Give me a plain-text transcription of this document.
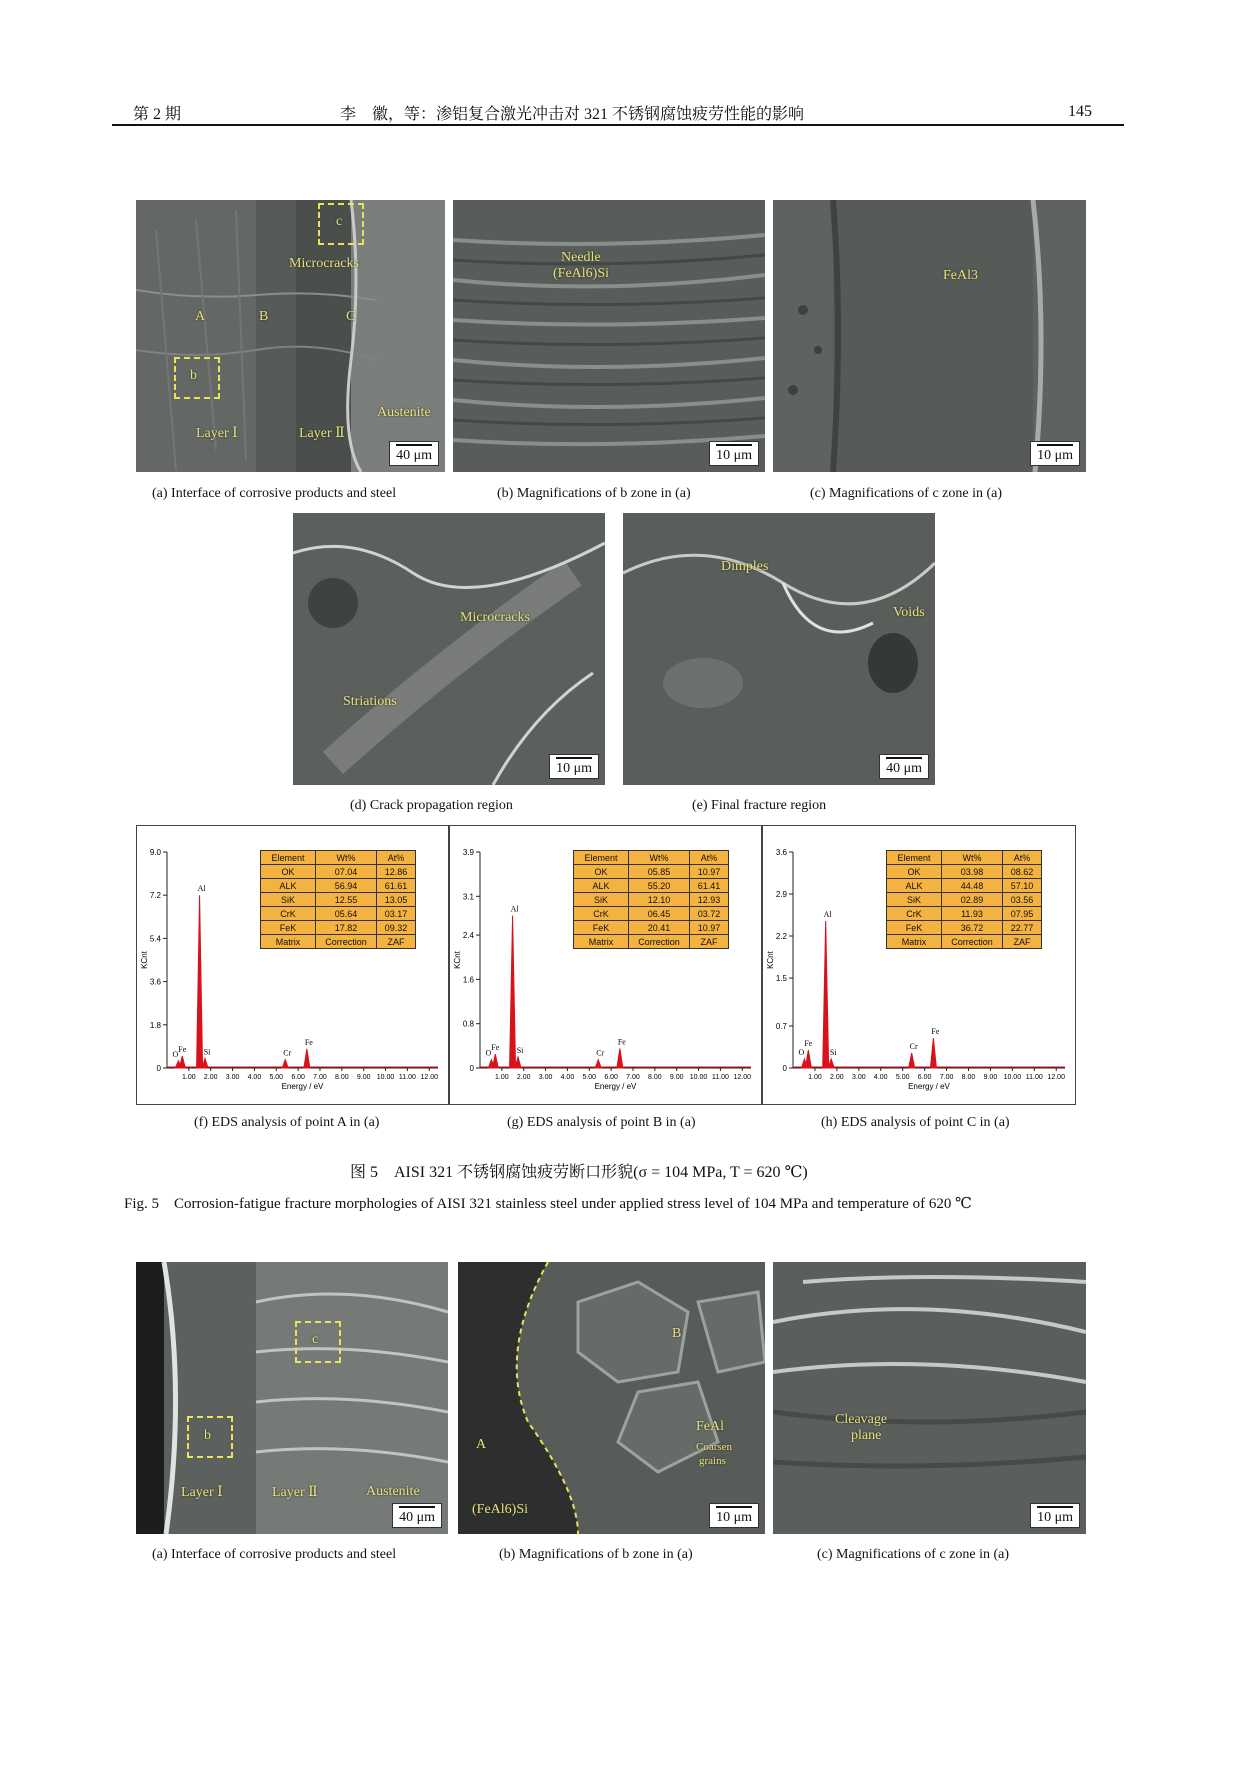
第 2 期	李　徽，等：渗铝复合激光冲击对 321 不锈钢腐蚀疲劳性能的影响	145
c
b
Microcracks
A	B	C
Layer Ⅰ	Layer Ⅱ
Austenite
40 μm
Needle
(FeAl6)Si
10 μm
FeAl3
10 μm
(a) Interface of corrosive products and steel	(b) Magnifications of b zone in (a)	(c) Magnifications of c zone in (a)
Microcracks
Striations
10 μm
Dimples
Voids
40 μm
(d) Crack propagation region	(e) Final fracture region
9.0
7.2
5.4
3.6
1.8
0
1.00 2.00 3.00 4.00 5.00 6.00 7.00 8.00 9.00 10.00 11.00 12.00
KCnt
Energy / eV
O
Fe
Al
Si	Cr
Fe
Element	Wt%	At%
OK	07.04	12.86
ALK	56.94	61.61
SiK	12.55	13.05
CrK	05.64	03.17
FeK	17.82	09.32
Matrix	Correction	ZAF
3.9
3.1
2.4
1.6
0.8
0
1.00 2.00 3.00 4.00 5.00 6.00 7.00 8.00 9.00 10.00 11.00 12.00
KCnt
Energy / eV
O
Fe
Al
Si	Cr
Fe
Element	Wt%	At%
OK	05.85	10.97
ALK	55.20	61.41
SiK	12.10	12.93
CrK	06.45	03.72
FeK	20.41	10.97
Matrix	Correction	ZAF
3.6
2.9
2.2
1.5
0.7
0
1.00 2.00 3.00 4.00 5.00 6.00 7.00 8.00 9.00 10.00 11.00 12.00
KCnt
Energy / eV
O
Fe
Al
Si
Cr
Fe
Element	Wt%	At%
OK	03.98	08.62
ALK	44.48	57.10
SiK	02.89	03.56
CrK	11.93	07.95
FeK	36.72	22.77
Matrix	Correction	ZAF
(f) EDS analysis of point A in (a)	(g) EDS analysis of point B in (a)	(h) EDS analysis of point C in (a)
图 5　AISI 321 不锈钢腐蚀疲劳断口形貌(σ = 104 MPa, T = 620 ℃)
Fig. 5　Corrosion-fatigue fracture morphologies of AISI 321 stainless steel under applied stress level of 104 MPa and temperature of 620 ℃
c
b
Layer Ⅰ	Layer Ⅱ	Austenite
40 μm
B
A
FeAl
Coarsen
grains
(FeAl6)Si
10 μm
Cleavage
plane
10 μm
(a) Interface of corrosive products and steel	(b) Magnifications of b zone in (a)	(c) Magnifications of c zone in (a)
